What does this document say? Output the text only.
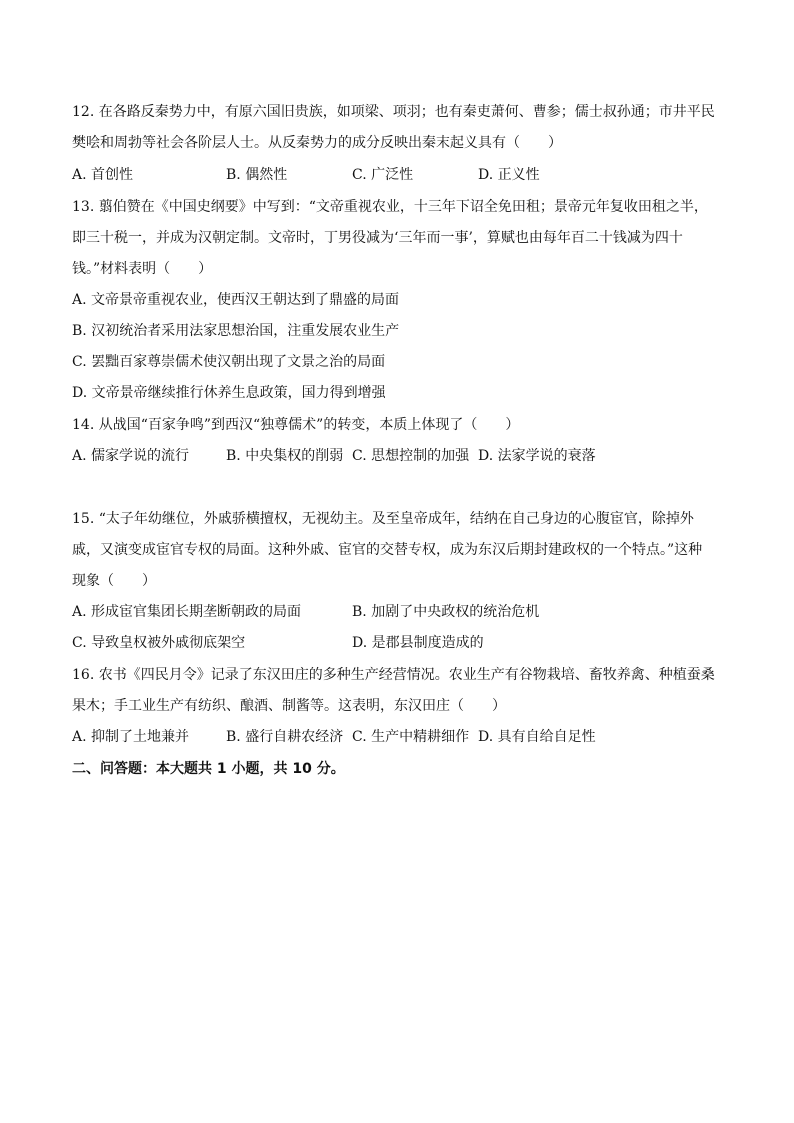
12. 在各路反秦势力中，有原六国旧贵族，如项梁、项羽；也有秦吏萧何、曹参；儒士叔孙通；市井平民
樊哙和周勃等社会各阶层人士。从反秦势力的成分反映出秦末起义具有（　　）
A. 首创性	B. 偶然性	C. 广泛性	D. 正义性
13. 翦伯赞在《中国史纲要》中写到：“文帝重视农业，十三年下诏全免田租；景帝元年复收田租之半，
即三十税一，并成为汉朝定制。文帝时，丁男役减为‘三年而一事’，算赋也由每年百二十钱减为四十
钱。”材料表明（　　）
A. 文帝景帝重视农业，使西汉王朝达到了鼎盛的局面
B. 汉初统治者采用法家思想治国，注重发展农业生产
C. 罢黜百家尊崇儒术使汉朝出现了文景之治的局面
D. 文帝景帝继续推行休养生息政策，国力得到增强
14. 从战国“百家争鸣”到西汉“独尊儒术”的转变，本质上体现了（　　）
A. 儒家学说的流行	B. 中央集权的削弱 C. 思想控制的加强 D. 法家学说的衰落
15. “太子年幼继位，外戚骄横擅权，无视幼主。及至皇帝成年，结纳在自己身边的心腹宦官，除掉外
戚，又演变成宦官专权的局面。这种外戚、宦官的交替专权，成为东汉后期封建政权的一个特点。”这种
现象（　　）
A. 形成宦官集团长期垄断朝政的局面	B. 加剧了中央政权的统治危机
C. 导致皇权被外戚彻底架空	D. 是郡县制度造成的
16. 农书《四民月令》记录了东汉田庄的多种生产经营情况。农业生产有谷物栽培、畜牧养禽、种植蚕桑
果木；手工业生产有纺织、酿酒、制酱等。这表明，东汉田庄（　　）
A. 抑制了土地兼并	B. 盛行自耕农经济 C. 生产中精耕细作 D. 具有自给自足性
二、问答题：本大题共 1 小题，共 10 分。
